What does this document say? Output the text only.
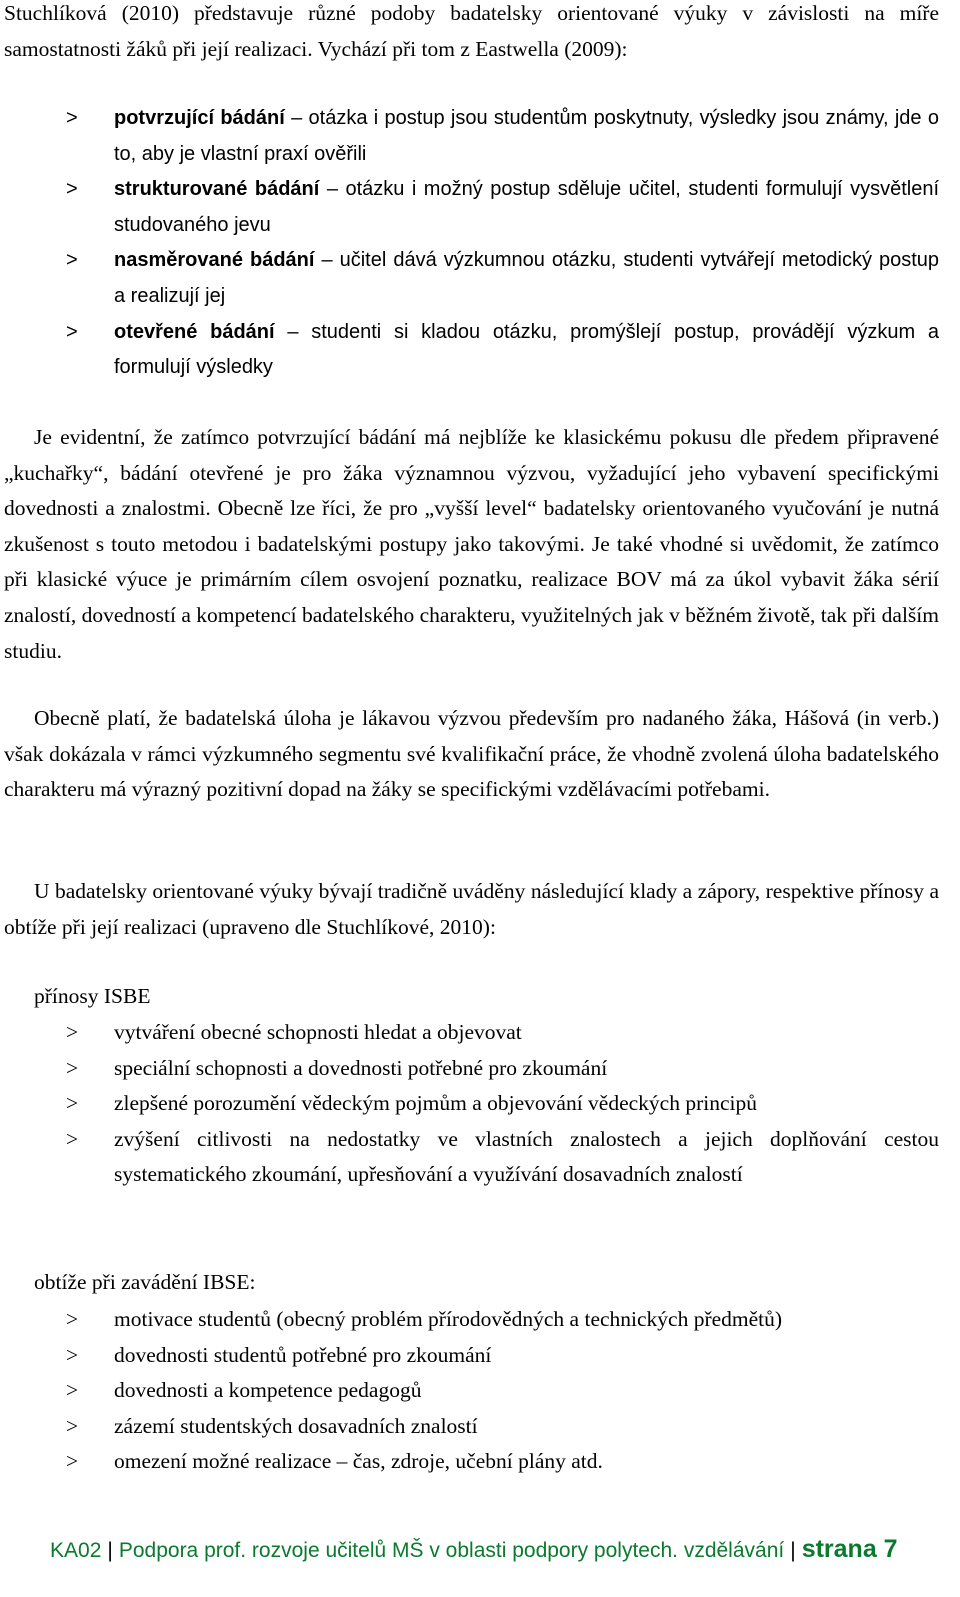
Stuchlíková (2010) představuje různé podoby badatelsky orientované výuky v závislosti na míře samostatnosti žáků při její realizaci. Vychází při tom z Eastwella (2009):

>	potvrzující bádání – otázka i postup jsou studentům poskytnuty, výsledky jsou známy, jde o to, aby je vlastní praxí ověřili
>	strukturované bádání – otázku i možný postup sděluje učitel, studenti formulují vysvětlení studovaného jevu
>	nasměrované bádání – učitel dává výzkumnou otázku, studenti vytvářejí metodický postup a realizují jej
>	otevřené bádání – studenti si kladou otázku, promýšlejí postup, provádějí výzkum a formulují výsledky

Je evidentní, že zatímco potvrzující bádání má nejblíže ke klasickému pokusu dle předem připravené „kuchařky“, bádání otevřené je pro žáka významnou výzvou, vyžadující jeho vybavení specifickými dovednosti a znalostmi. Obecně lze říci, že pro „vyšší level“ badatelsky orientovaného vyučování je nutná zkušenost s touto metodou i badatelskými postupy jako takovými. Je také vhodné si uvědomit, že zatímco při klasické výuce je primárním cílem osvojení poznatku, realizace BOV má za úkol vybavit žáka sérií znalostí, dovedností a kompetencí badatelského charakteru, využitelných jak v běžném životě, tak při dalším studiu.

Obecně platí, že badatelská úloha je lákavou výzvou především pro nadaného žáka, Hášová (in verb.) však dokázala v rámci výzkumného segmentu své kvalifikační práce, že vhodně zvolená úloha badatelského charakteru má výrazný pozitivní dopad na žáky se specifickými vzdělávacími potřebami.

U badatelsky orientované výuky bývají tradičně uváděny následující klady a zápory, respektive přínosy a obtíže při její realizaci (upraveno dle Stuchlíkové, 2010):

přínosy ISBE

>	vytváření obecné schopnosti hledat a objevovat
>	speciální schopnosti a dovednosti potřebné pro zkoumání
>	zlepšené porozumění vědeckým pojmům a objevování vědeckých principů
>	zvýšení citlivosti na nedostatky ve vlastních znalostech a jejich doplňování cestou systematického zkoumání, upřesňování a využívání dosavadních znalostí

obtíže při zavádění IBSE:

>	motivace studentů (obecný problém přírodovědných a technických předmětů)
>	dovednosti studentů potřebné pro zkoumání
>	dovednosti a kompetence pedagogů
>	zázemí studentských dosavadních znalostí
>	omezení možné realizace – čas, zdroje, učební plány atd.
KA02 | Podpora prof. rozvoje učitelů MŠ v oblasti podpory polytech. vzdělávání | strana 7
